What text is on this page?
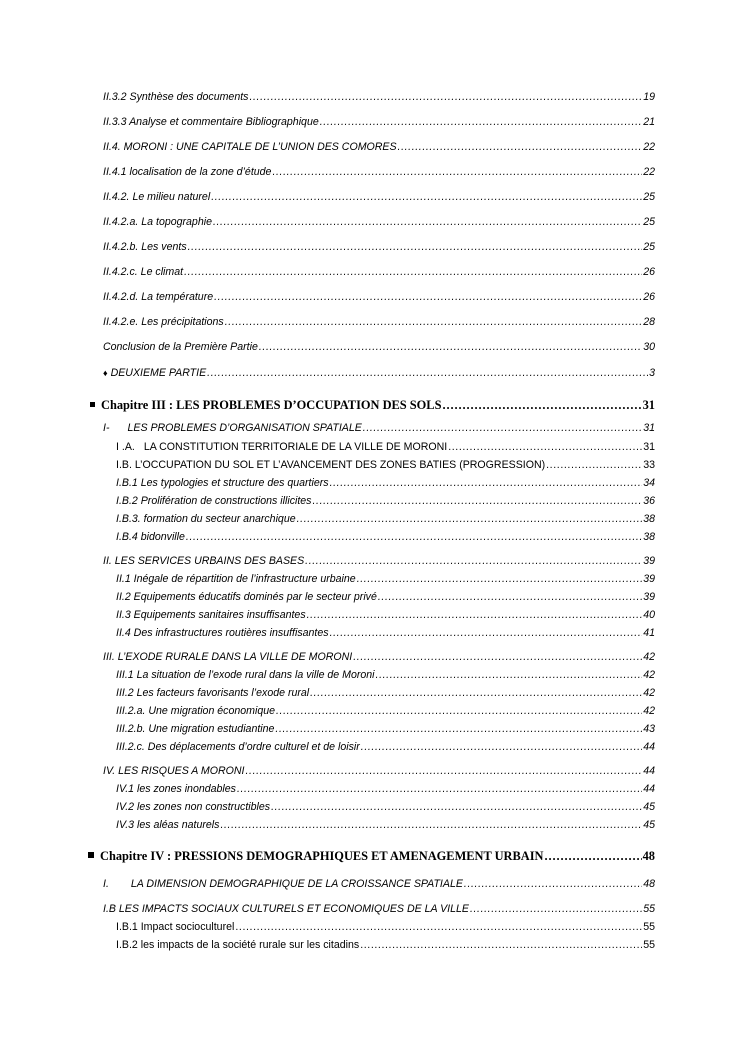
II.3.2 Synthèse des documents .....	19
II.3.3 Analyse et commentaire Bibliographique .....	21
II.4. MORONI : UNE CAPITALE DE L’UNION DES COMORES .....	22
II.4.1 localisation de la zone d’étude .....	22
II.4.2. Le milieu naturel .....	25
II.4.2.a. La topographie .....	25
II.4.2.b. Les vents .....	25
II.4.2.c. Le climat .....	26
II.4.2.d. La température .....	26
II.4.2.e. Les précipitations .....	28
Conclusion de la Première Partie .....	30
♦ DEUXIEME PARTIE .....	3
Chapitre III : LES PROBLEMES D’OCCUPATION DES SOLS .....	31
I- LES PROBLEMES D’ORGANISATION SPATIALE .....	31
I .A. LA CONSTITUTION TERRITORIALE DE LA VILLE DE MORONI .....	31
I.B. L’OCCUPATION DU SOL ET L’AVANCEMENT DES ZONES BATIES (PROGRESSION) .....	33
I.B.1 Les typologies et structure des quartiers .....	34
I.B.2 Prolifération de constructions illicites .....	36
I.B.3. formation du secteur anarchique .....	38
I.B.4 bidonville .....	38
II. LES SERVICES URBAINS DES BASES .....	39
II.1 Inégale de répartition de l’infrastructure urbaine .....	39
II.2 Equipements éducatifs dominés par le secteur privé .....	39
II.3 Equipements sanitaires insuffisantes .....	40
II.4 Des infrastructures routières insuffisantes .....	41
III. L’EXODE RURALE DANS LA VILLE DE MORONI .....	42
III.1 La situation de l’exode rural dans la ville de Moroni .....	42
III.2 Les facteurs favorisants l’exode rural .....	42
III.2.a. Une migration économique .....	42
III.2.b. Une migration estudiantine .....	43
III.2.c. Des déplacements d’ordre culturel et de loisir .....	44
IV. LES RISQUES A MORONI .....	44
IV.1 les zones inondables .....	44
IV.2 les zones non constructibles .....	45
IV.3 les aléas naturels .....	45
Chapitre IV : PRESSIONS DEMOGRAPHIQUES ET AMENAGEMENT URBAIN .....	48
I. LA DIMENSION DEMOGRAPHIQUE DE LA CROISSANCE SPATIALE .....	48
I.B LES IMPACTS SOCIAUX CULTURELS ET ECONOMIQUES DE LA VILLE .....	55
I.B.1 Impact socioculturel .....	55
I.B.2 les impacts de la société rurale sur les citadins .....	55
